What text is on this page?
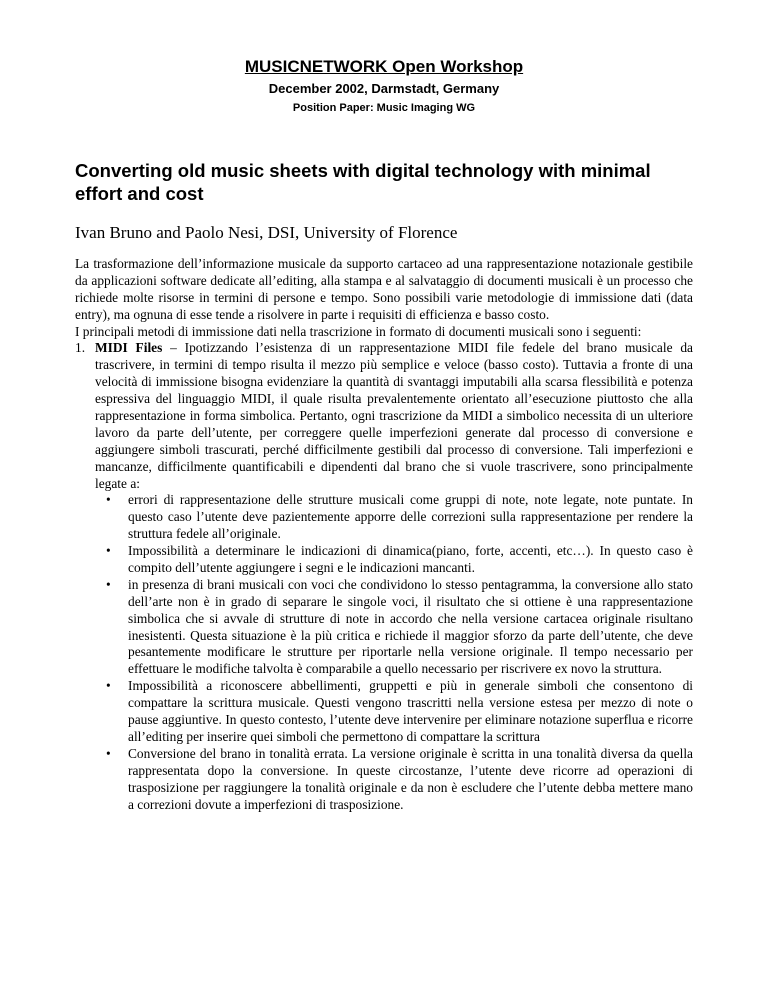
MUSICNETWORK Open Workshop
December 2002, Darmstadt, Germany
Position Paper: Music Imaging WG
Converting old music sheets with digital technology with minimal effort and cost
Ivan Bruno and Paolo Nesi, DSI, University of Florence

La trasformazione dell’informazione musicale da supporto cartaceo ad una rappresentazione notazionale gestibile da applicazioni software dedicate all’editing, alla stampa e al salvataggio di documenti musicali è un processo che richiede molte risorse in termini di persone e tempo. Sono possibili varie metodologie di immissione dati (data entry), ma ognuna di esse tende a risolvere in parte i requisiti di efficienza e basso costo.

I principali metodi di immissione dati nella trascrizione in formato di documenti musicali sono i seguenti:

1. MIDI Files – Ipotizzando l’esistenza di un rappresentazione MIDI file fedele del brano musicale da trascrivere, in termini di tempo risulta il mezzo più semplice e veloce (basso costo). Tuttavia a fronte di una velocità di immissione bisogna evidenziare la quantità di svantaggi imputabili alla scarsa flessibilità e potenza espressiva del linguaggio MIDI, il quale risulta prevalentemente orientato all’esecuzione piuttosto che alla rappresentazione in forma simbolica. Pertanto, ogni trascrizione da MIDI a simbolico necessita di un ulteriore lavoro da parte dell’utente, per correggere quelle imperfezioni generate dal processo di conversione e aggiungere simboli trascurati, perché difficilmente gestibili dal processo di conversione. Tali imperfezioni e mancanze, difficilmente quantificabili e dipendenti dal brano che si vuole trascrivere, sono principalmente legate a:
• errori di rappresentazione delle strutture musicali come gruppi di note, note legate, note puntate. In questo caso l’utente deve pazientemente apporre delle correzioni sulla rappresentazione per rendere la struttura fedele all’originale.
• Impossibilità a determinare le indicazioni di dinamica(piano, forte, accenti, etc…). In questo caso è compito dell’utente aggiungere i segni e le indicazioni mancanti.
• in presenza di brani musicali con voci che condividono lo stesso pentagramma, la conversione allo stato dell’arte non è in grado di separare le singole voci, il risultato che si ottiene è una rappresentazione simbolica che si avvale di strutture di note in accordo che nella versione cartacea originale risultano inesistenti. Questa situazione è la più critica e richiede il maggior sforzo da parte dell’utente, che deve pesantemente modificare le strutture per riportarle nella versione originale. Il tempo necessario per effettuare le modifiche talvolta è comparabile a quello necessario per riscrivere ex novo la struttura.
• Impossibilità a riconoscere abbellimenti, gruppetti e più in generale simboli che consentono di compattare la scrittura musicale. Questi vengono trascritti nella versione estesa per mezzo di note o pause aggiuntive. In questo contesto, l’utente deve intervenire per eliminare notazione superflua e ricorre all’editing per inserire quei simboli che permettono di compattare la scrittura
• Conversione del brano in tonalità errata. La versione originale è scritta in una tonalità diversa da quella rappresentata dopo la conversione. In queste circostanze, l’utente deve ricorre ad operazioni di trasposizione per raggiungere la tonalità originale e da non è escludere che l’utente debba mettere mano a correzioni dovute a imperfezioni di trasposizione.
